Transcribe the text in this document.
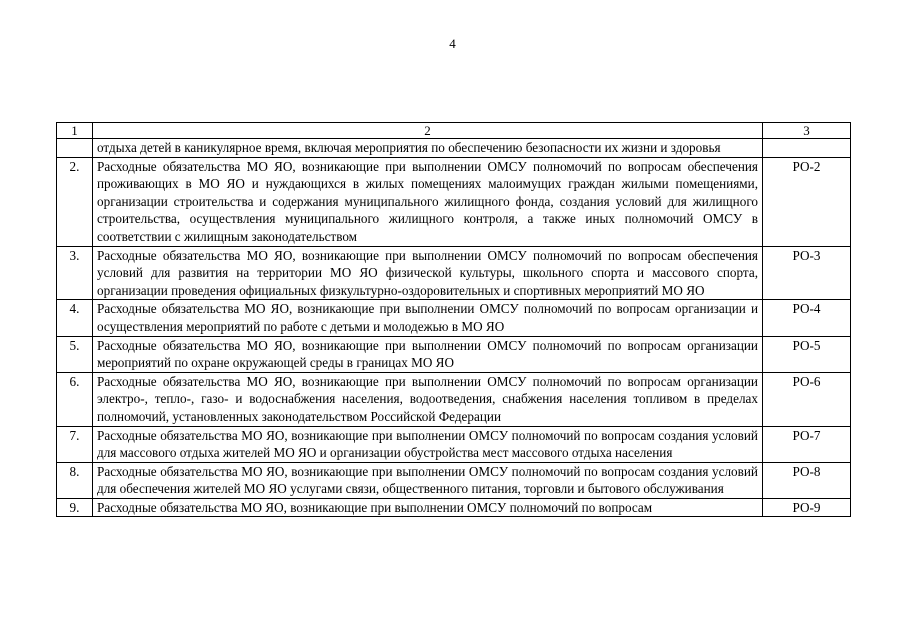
4
1	2	3
	отдыха детей в каникулярное время, включая мероприятия по обеспечению безопасности их жизни и здоровья	
2.	Расходные обязательства МО ЯО, возникающие при выполнении ОМСУ полномочий по вопросам обеспечения проживающих в МО ЯО и нуждающихся в жилых помещениях малоимущих граждан жилыми помещениями, организации строительства и содержания муниципального жилищного фонда, создания условий для жилищного строительства, осуществления муниципального жилищного контроля, а также иных полномочий ОМСУ в соответствии с жилищным законодательством	РО-2
3.	Расходные обязательства МО ЯО, возникающие при выполнении ОМСУ полномочий по вопросам обеспечения условий для развития на территории МО ЯО физической культуры, школьного спорта и массового спорта, организации проведения официальных физкультурно-оздоровительных и спортивных мероприятий МО ЯО	РО-3
4.	Расходные обязательства МО ЯО, возникающие при выполнении ОМСУ полномочий по вопросам организации и осуществления мероприятий по работе с детьми и молодежью в МО ЯО	РО-4
5.	Расходные обязательства МО ЯО, возникающие при выполнении ОМСУ полномочий по вопросам организации мероприятий по охране окружающей среды в границах МО ЯО	РО-5
6.	Расходные обязательства МО ЯО, возникающие при выполнении ОМСУ полномочий по вопросам организации электро-, тепло-, газо- и водоснабжения населения, водоотведения, снабжения населения топливом в пределах полномочий, установленных законодательством Российской Федерации	РО-6
7.	Расходные обязательства МО ЯО, возникающие при выполнении ОМСУ полномочий по вопросам создания условий для массового отдыха жителей МО ЯО и организации обустройства мест массового отдыха населения	РО-7
8.	Расходные обязательства МО ЯО, возникающие при выполнении ОМСУ полномочий по вопросам создания условий для обеспечения жителей МО ЯО услугами связи, общественного питания, торговли и бытового обслуживания	РО-8
9.	Расходные обязательства МО ЯО, возникающие при выполнении ОМСУ полномочий по вопросам	РО-9
